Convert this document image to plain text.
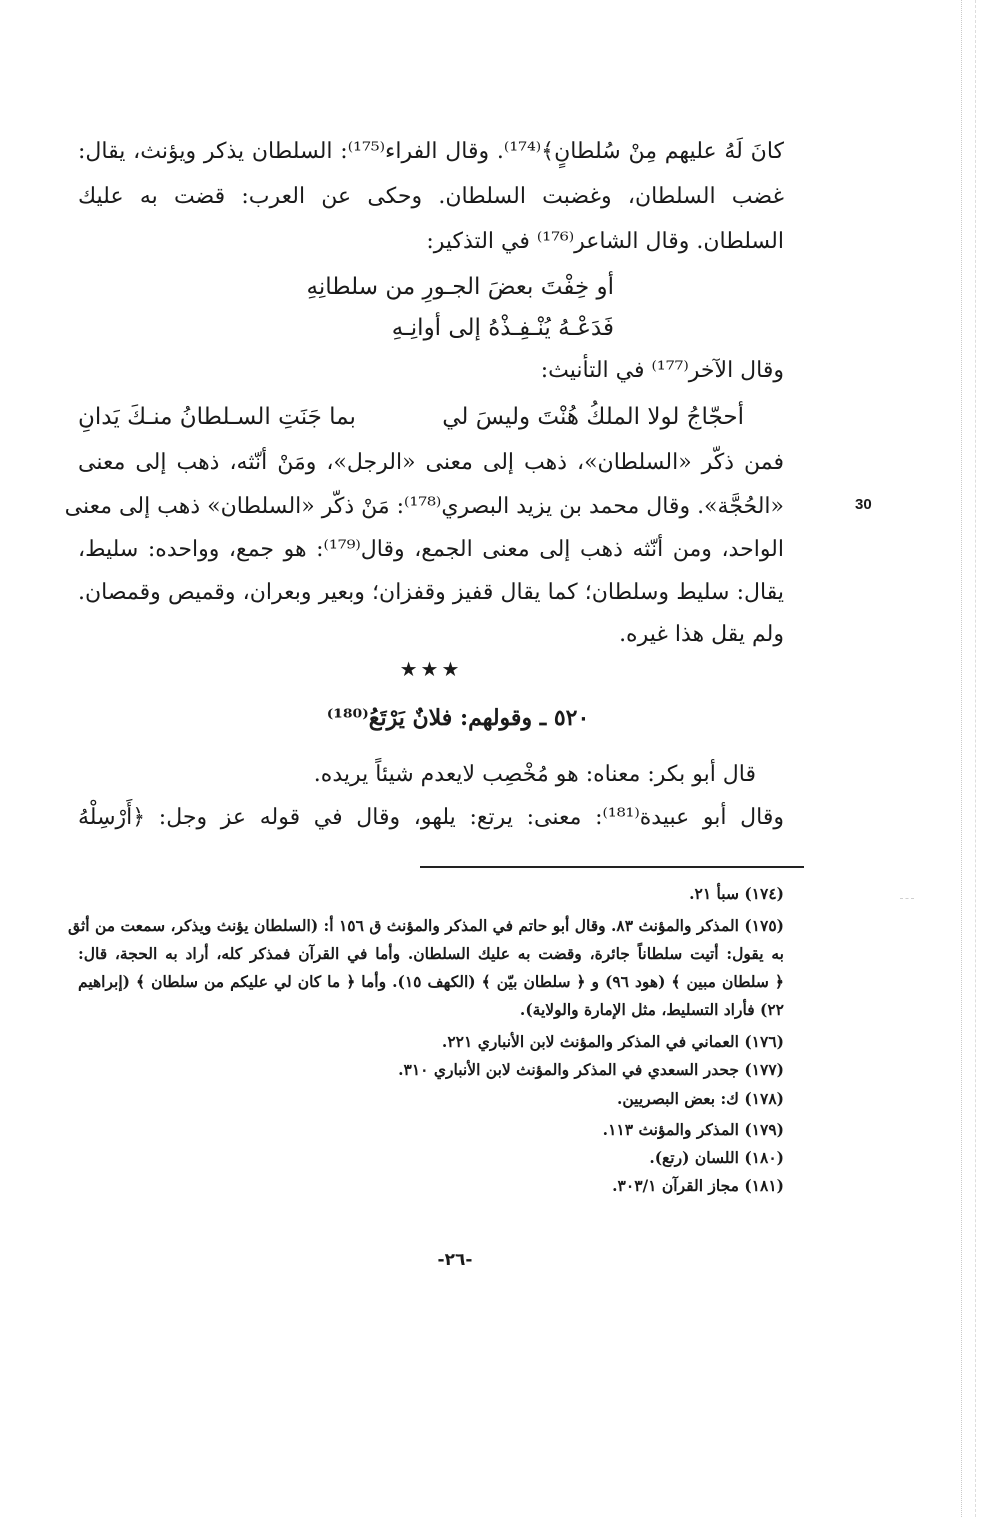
كانَ لَهُ عليهم مِنْ سُلطانٍ﴾⁽¹⁷⁴⁾. وقال الفراء⁽¹⁷⁵⁾: السلطان يذكر ويؤنث، يقال:
غضب السلطان، وغضبت السلطان. وحكى عن العرب: قضت به عليك
السلطان. وقال الشاعر⁽¹⁷⁶⁾ في التذكير:
أو خِفْتَ بعضَ الجـورِ من سلطانِهِ
فَدَعْـهُ يُنْـفِـذْهُ إلى أوانِـهِ
وقال الآخر⁽¹⁷⁷⁾ في التأنيث:
أحجّاجُ لولا الملكُ هُنْتَ وليسَ لي
بما جَنَتِ السـلطانُ منـكَ يَدانِ
فمن ذكّر «السلطان»، ذهب إلى معنى «الرجل»، ومَنْ أنّثه، ذهب إلى معنى
«الحُجَّة». وقال محمد بن يزيد البصري⁽¹⁷⁸⁾: مَنْ ذكّر «السلطان» ذهب إلى معنى
الواحد، ومن أنّثه ذهب إلى معنى الجمع، وقال⁽¹⁷⁹⁾: هو جمع، وواحده: سليط،
يقال: سليط وسلطان؛ كما يقال قفيز وقفزان؛ وبعير وبعران، وقميص وقمصان.
ولم يقل هذا غيره.
30
★★★
٥٢٠ ـ وقولهم: فلانٌ يَرْتَعُ⁽¹⁸⁰⁾
قال أبو بكر: معناه: هو مُخْصِب لايعدم شيئاً يريده.
وقال أبو عبيدة⁽¹⁸¹⁾: معنى: يرتع: يلهو، وقال في قوله عز وجل: ﴿أَرْسِلْهُ
(١٧٤) سبأ ٢١.
(١٧٥) المذكر والمؤنث ٨٣. وقال أبو حاتم في المذكر والمؤنث ق ١٥٦ أ: (السلطان يؤنث ويذكر، سمعت من أثق
به يقول: أتيت سلطاناً جائرة، وقضت به عليك السلطان. وأما في القرآن فمذكر كله، أراد به الحجة، قال:
﴿ سلطان مبين ﴾ (هود ٩٦) و ﴿ سلطان بيّن ﴾ (الكهف ١٥). وأما ﴿ ما كان لي عليكم من سلطان ﴾ (إبراهيم
٢٢) فأراد التسليط، مثل الإمارة والولاية).
(١٧٦) العماني في المذكر والمؤنث لابن الأنباري ٢٢١.
(١٧٧) جحدر السعدي في المذكر والمؤنث لابن الأنباري ٣١٠.
(١٧٨) ك: بعض البصريين.
(١٧٩) المذكر والمؤنث ١١٣.
(١٨٠) اللسان (رتع).
(١٨١) مجاز القرآن ٣٠٣/١.
-٢٦-
